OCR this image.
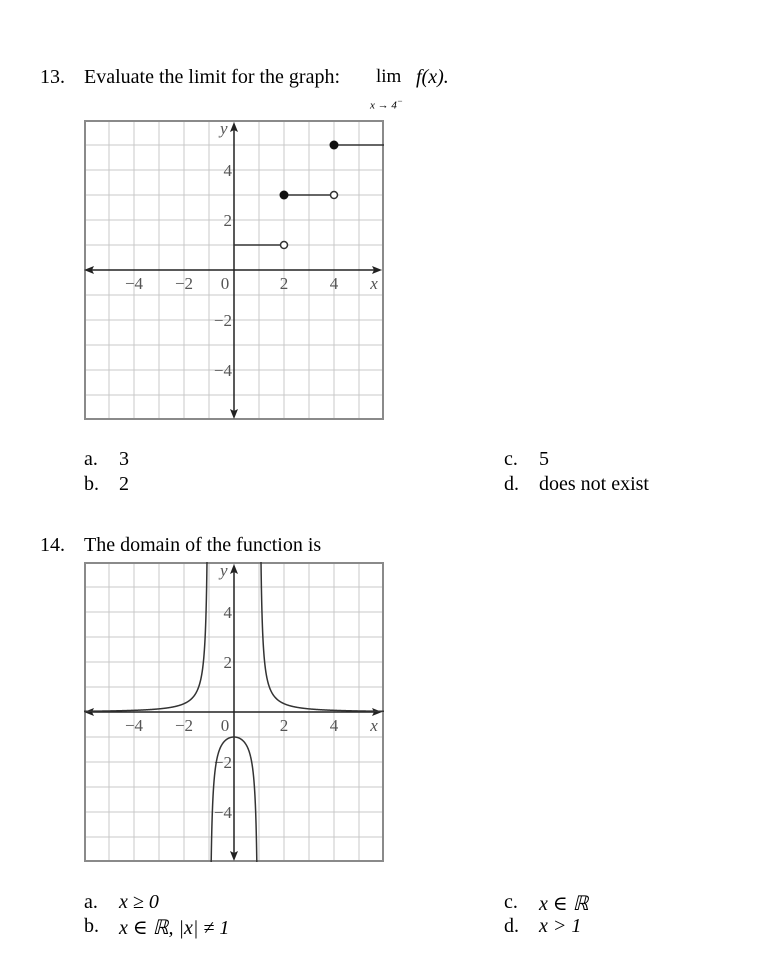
13. Evaluate the limit for the graph: lim f(x).
x → 4−
−4 −2 0	2 4
4
2
−2
−4
y
x
a. 3
b. 2
c. 5
d. does not exist
14. The domain of the function is
−4 −2 0	2 4
4
2
−2
−4
y
x
a. x ≥ 0
b. x ∈ ℝ, |x| ≠ 1
c. x ∈ ℝ
d. x > 1
